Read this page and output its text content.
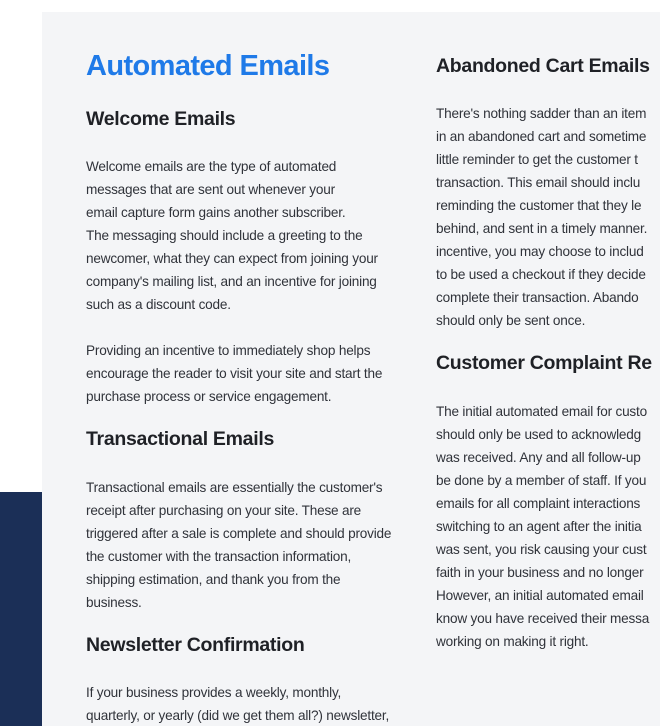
Automated Emails
Welcome Emails

Welcome emails are the type of automated
messages that are sent out whenever your
email capture form gains another subscriber.
The messaging should include a greeting to the
newcomer, what they can expect from joining your
company's mailing list, and an incentive for joining
such as a discount code.

Providing an incentive to immediately shop helps
encourage the reader to visit your site and start the
purchase process or service engagement.

Transactional Emails

Transactional emails are essentially the customer's
receipt after purchasing on your site. These are
triggered after a sale is complete and should provide
the customer with the transaction information,
shipping estimation, and thank you from the
business.

Newsletter Confirmation

If your business provides a weekly, monthly,
quarterly, or yearly (did we get them all?) newsletter,

Abandoned Cart Emails

There's nothing sadder than an item
in an abandoned cart and sometime
little reminder to get the customer t
transaction. This email should inclu
reminding the customer that they le
behind, and sent in a timely manner.
incentive, you may choose to includ
to be used a checkout if they decide
complete their transaction. Abando
should only be sent once.

Customer Complaint Re

The initial automated email for custo
should only be used to acknowledg
was received. Any and all follow-up
be done by a member of staff. If you
emails for all complaint interactions
switching to an agent after the initia
was sent, you risk causing your cust
faith in your business and no longer
However, an initial automated email
know you have received their messa
working on making it right.
